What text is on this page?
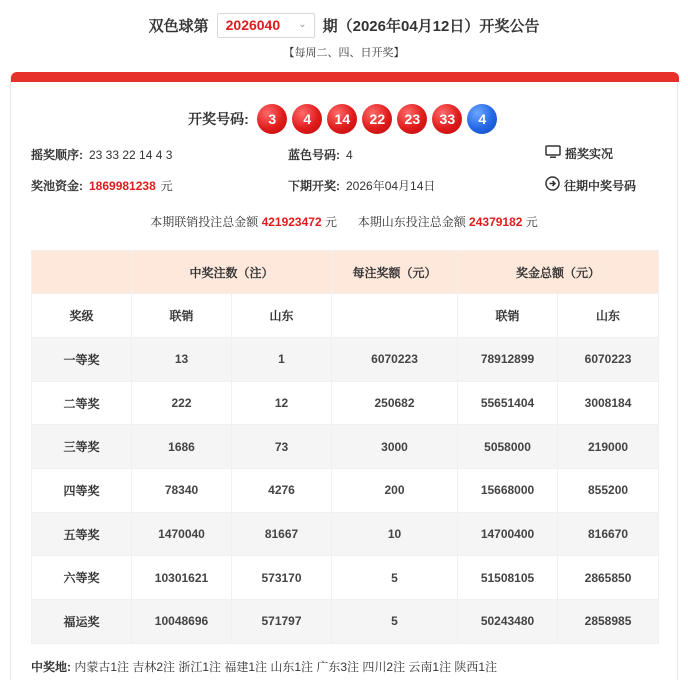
双色球第 2026040 ⌄ 期（2026年04月12日）开奖公告
【每周二、四、日开奖】
开奖号码:	3	4	14	22	23	33	4
摇奖顺序: 23 33 22 14 4 3	蓝色号码: 4	摇奖实况
奖池资金: 1869981238 元	下期开奖: 2026年04月14日	往期中奖号码
本期联销投注总金额 421923472 元 本期山东投注总金额 24379182 元
	中奖注数（注）		每注奖额（元）	奖金总额（元）	
奖级	联销	山东		联销	山东
一等奖	13	1	6070223	78912899	6070223
二等奖	222	12	250682	55651404	3008184
三等奖	1686	73	3000	5058000	219000
四等奖	78340	4276	200	15668000	855200
五等奖	1470040	81667	10	14700400	816670
六等奖	10301621	573170	5	51508105	2865850
福运奖	10048696	571797	5	50243480	2858985
中奖地: 内蒙古1注 吉林2注 浙江1注 福建1注 山东1注 广东3注 四川2注 云南1注 陕西1注
